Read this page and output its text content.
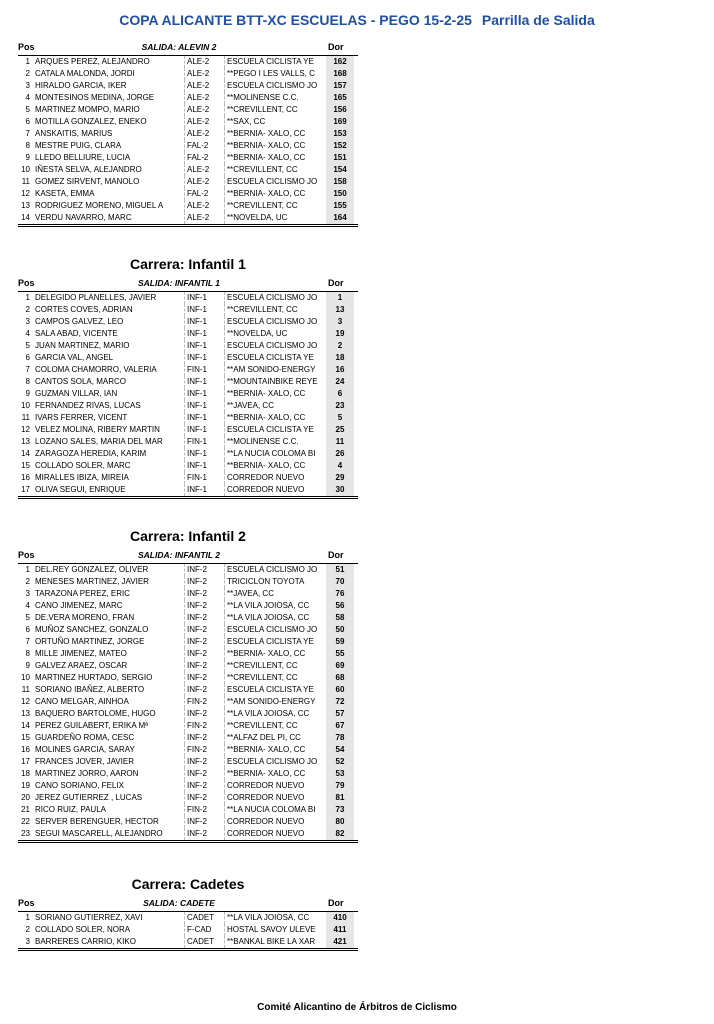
COPA ALICANTE BTT-XC ESCUELAS - PEGO 15-2-25 Parrilla de Salida
Pos	SALIDA: ALEVIN 2	Dor
1 ARQUES PEREZ, ALEJANDRO	ALE-2	ESCUELA CICLISTA YE	162
2 CATALA MALONDA, JORDI	ALE-2	**PEGO I LES VALLS, C	168
3 HIRALDO GARCIA, IKER	ALE-2	ESCUELA CICLISMO JO	157
4 MONTESINOS MEDINA, JORGE	ALE-2	**MOLINENSE C.C.	165
5 MARTINEZ MOMPO, MARIO	ALE-2	**CREVILLENT, CC	156
6 MOTILLA GONZALEZ, ENEKO	ALE-2	**SAX, CC	169
7 ANSKAITIS, MARIUS	ALE-2	**BERNIA- XALO, CC	153
8 MESTRE PUIG, CLARA	FAL-2	**BERNIA- XALO, CC	152
9 LLEDO BELLIURE, LUCIA	FAL-2	**BERNIA- XALO, CC	151
10 IÑESTA SELVA, ALEJANDRO	ALE-2	**CREVILLENT, CC	154
11 GOMEZ SIRVENT, MANOLO	ALE-2	ESCUELA CICLISMO JO	158
12 KASETA, EMMA	FAL-2	**BERNIA- XALO, CC	150
13 RODRIGUEZ MORENO, MIGUEL A	ALE-2	**CREVILLENT, CC	155
14 VERDU NAVARRO, MARC	ALE-2	**NOVELDA, UC	164
Carrera: Infantil 1
Pos	SALIDA: INFANTIL 1	Dor
1 DELEGIDO PLANELLES, JAVIER	INF-1	ESCUELA CICLISMO JO	1
2 CORTES COVES, ADRIAN	INF-1	**CREVILLENT, CC	13
3 CAMPOS GALVEZ, LEO	INF-1	ESCUELA CICLISMO JO	3
4 SALA ABAD, VICENTE	INF-1	**NOVELDA, UC	19
5 JUAN MARTINEZ, MARIO	INF-1	ESCUELA CICLISMO JO	2
6 GARCIA VAL, ANGEL	INF-1	ESCUELA CICLISTA YE	18
7 COLOMA CHAMORRO, VALERIA	FIN-1	**AM SONIDO-ENERGY	16
8 CANTOS SOLA, MARCO	INF-1	**MOUNTAINBIKE REYE	24
9 GUZMAN VILLAR, IAN	INF-1	**BERNIA- XALO, CC	6
10 FERNANDEZ RIVAS, LUCAS	INF-1	**JAVEA, CC	23
11 IVARS FERRER, VICENT	INF-1	**BERNIA- XALO, CC	5
12 VELEZ MOLINA, RIBERY MARTIN	INF-1	ESCUELA CICLISTA YE	25
13 LOZANO SALES, MARIA DEL MAR	FIN-1	**MOLINENSE C.C.	11
14 ZARAGOZA HEREDIA, KARIM	INF-1	**LA NUCIA COLOMA BI	26
15 COLLADO SOLER, MARC	INF-1	**BERNIA- XALO, CC	4
16 MIRALLES IBIZA, MIREIA	FIN-1	CORREDOR NUEVO	29
17 OLIVA SEGUI, ENRIQUE	INF-1	CORREDOR NUEVO	30
Carrera: Infantil 2
Pos	SALIDA: INFANTIL 2	Dor
1 DEL.REY GONZALEZ, OLIVER	INF-2	ESCUELA CICLISMO JO	51
2 MENESES MARTINEZ, JAVIER	INF-2	TRICICLON TOYOTA	70
3 TARAZONA PEREZ, ERIC	INF-2	**JAVEA, CC	76
4 CANO JIMENEZ, MARC	INF-2	**LA VILA JOIOSA, CC	56
5 DE.VERA MORENO, FRAN	INF-2	**LA VILA JOIOSA, CC	58
6 MUÑOZ SANCHEZ, GONZALO	INF-2	ESCUELA CICLISMO JO	50
7 ORTUÑO MARTINEZ, JORGE	INF-2	ESCUELA CICLISTA YE	59
8 MILLE JIMENEZ, MATEO	INF-2	**BERNIA- XALO, CC	55
9 GALVEZ ARAEZ, OSCAR	INF-2	**CREVILLENT, CC	69
10 MARTINEZ HURTADO, SERGIO	INF-2	**CREVILLENT, CC	68
11 SORIANO IBAÑEZ, ALBERTO	INF-2	ESCUELA CICLISTA YE	60
12 CANO MELGAR, AINHOA	FIN-2	**AM SONIDO-ENERGY	72
13 BAQUERO BARTOLOME, HUGO	INF-2	**LA VILA JOIOSA, CC	57
14 PEREZ GUILABERT, ERIKA Mª	FIN-2	**CREVILLENT, CC	67
15 GUARDEÑO ROMA, CESC	INF-2	**ALFAZ DEL PI, CC	78
16 MOLINES GARCIA, SARAY	FIN-2	**BERNIA- XALO, CC	54
17 FRANCES JOVER, JAVIER	INF-2	ESCUELA CICLISMO JO	52
18 MARTINEZ JORRO, AARON	INF-2	**BERNIA- XALO, CC	53
19 CANO SORIANO, FELIX	INF-2	CORREDOR NUEVO	79
20 JEREZ GUTIERREZ , LUCAS	INF-2	CORREDOR NUEVO	81
21 RICO RUIZ, PAULA	FIN-2	**LA NUCIA COLOMA BI	73
22 SERVER BERENGUER, HECTOR	INF-2	CORREDOR NUEVO	80
23 SEGUI MASCARELL, ALEJANDRO	INF-2	CORREDOR NUEVO	82
Carrera: Cadetes
Pos	SALIDA: CADETE	Dor
1 SORIANO GUTIERREZ, XAVI	CADET	**LA VILA JOIOSA, CC	410
2 COLLADO SOLER, NORA	F-CAD	HOSTAL SAVOY ULEVE	411
3 BARRERES CARRIO, KIKO	CADET	**BANKAL BIKE LA XAR	421
Comité Alicantino de Árbitros de Ciclismo
